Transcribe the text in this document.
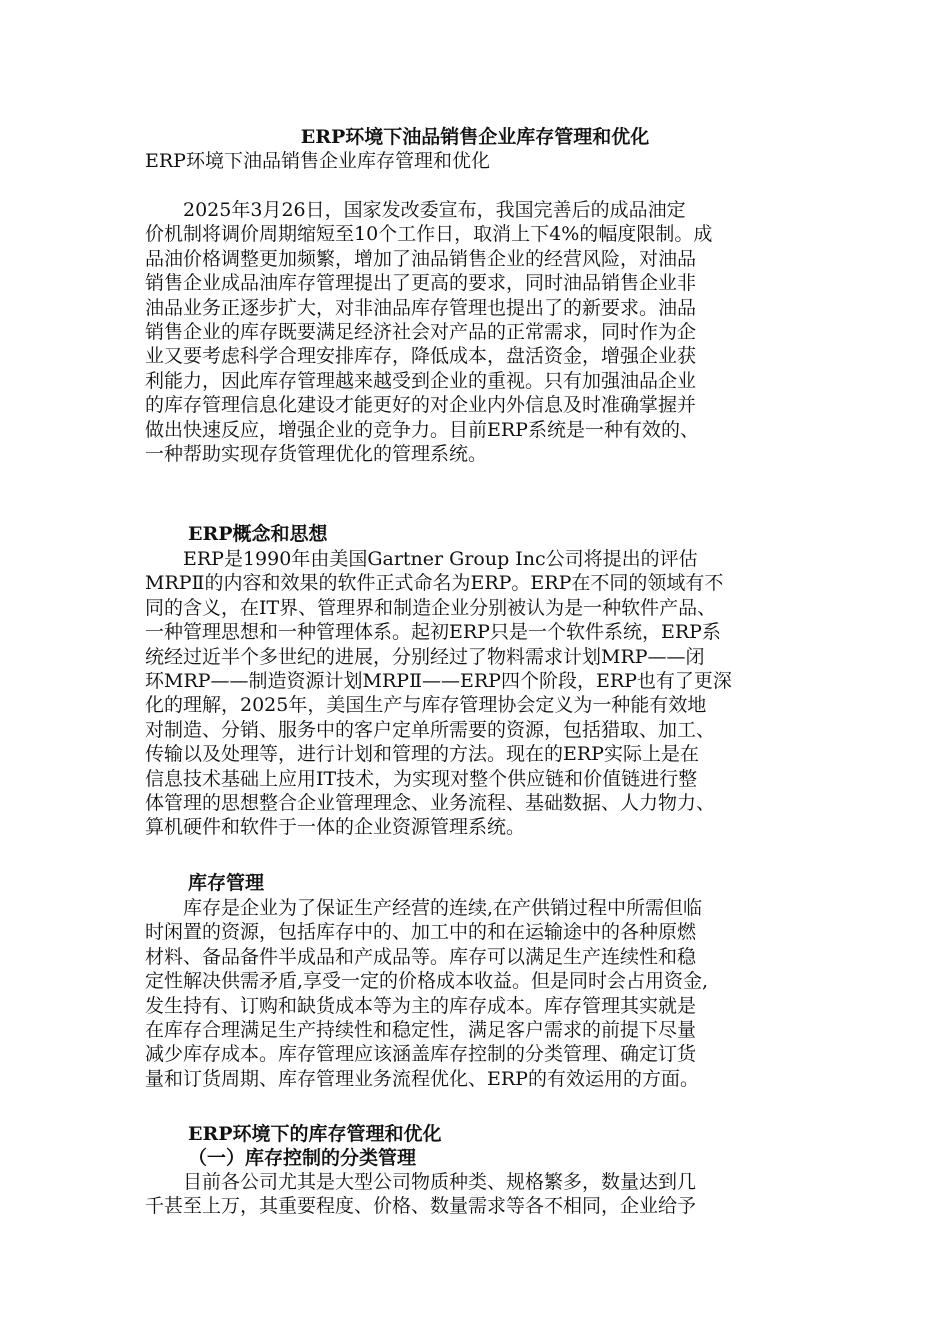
ERP环境下油品销售企业库存管理和优化

ERP环境下油品销售企业库存管理和优化

　　2025年3月26日，国家发改委宣布，我国完善后的成品油定
价机制将调价周期缩短至10个工作日，取消上下4%的幅度限制。成
品油价格调整更加频繁，增加了油品销售企业的经营风险，对油品
销售企业成品油库存管理提出了更高的要求，同时油品销售企业非
油品业务正逐步扩大，对非油品库存管理也提出了的新要求。油品
销售企业的库存既要满足经济社会对产品的正常需求，同时作为企
业又要考虑科学合理安排库存，降低成本，盘活资金，增强企业获
利能力，因此库存管理越来越受到企业的重视。只有加强油品企业
的库存管理信息化建设才能更好的对企业内外信息及时准确掌握并
做出快速反应，增强企业的竞争力。目前ERP系统是一种有效的、
一种帮助实现存货管理优化的管理系统。
ERP概念和思想
　　ERP是1990年由美国Gartner Group Inc公司将提出的评估
MRPⅡ的内容和效果的软件正式命名为ERP。ERP在不同的领域有不
同的含义，在IT界、管理界和制造企业分别被认为是一种软件产品、
一种管理思想和一种管理体系。起初ERP只是一个软件系统，ERP系
统经过近半个多世纪的进展，分别经过了物料需求计划MRP——闭
环MRP——制造资源计划MRPⅡ——ERP四个阶段，ERP也有了更深
化的理解，2025年，美国生产与库存管理协会定义为一种能有效地
对制造、分销、服务中的客户定单所需要的资源，包括猎取、加工、
传输以及处理等，进行计划和管理的方法。现在的ERP实际上是在
信息技术基础上应用IT技术，为实现对整个供应链和价值链进行整
体管理的思想整合企业管理理念、业务流程、基础数据、人力物力、
算机硬件和软件于一体的企业资源管理系统。
库存管理
　　库存是企业为了保证生产经营的连续,在产供销过程中所需但临
时闲置的资源，包括库存中的、加工中的和在运输途中的各种原燃
材料、备品备件半成品和产成品等。库存可以满足生产连续性和稳
定性解决供需矛盾,享受一定的价格成本收益。但是同时会占用资金,
发生持有、订购和缺货成本等为主的库存成本。库存管理其实就是
在库存合理满足生产持续性和稳定性，满足客户需求的前提下尽量
减少库存成本。库存管理应该涵盖库存控制的分类管理、确定订货
量和订货周期、库存管理业务流程优化、ERP的有效运用的方面。
ERP环境下的库存管理和优化
（一）库存控制的分类管理
　　目前各公司尤其是大型公司物质种类、规格繁多，数量达到几
千甚至上万，其重要程度、价格、数量需求等各不相同，企业给予
